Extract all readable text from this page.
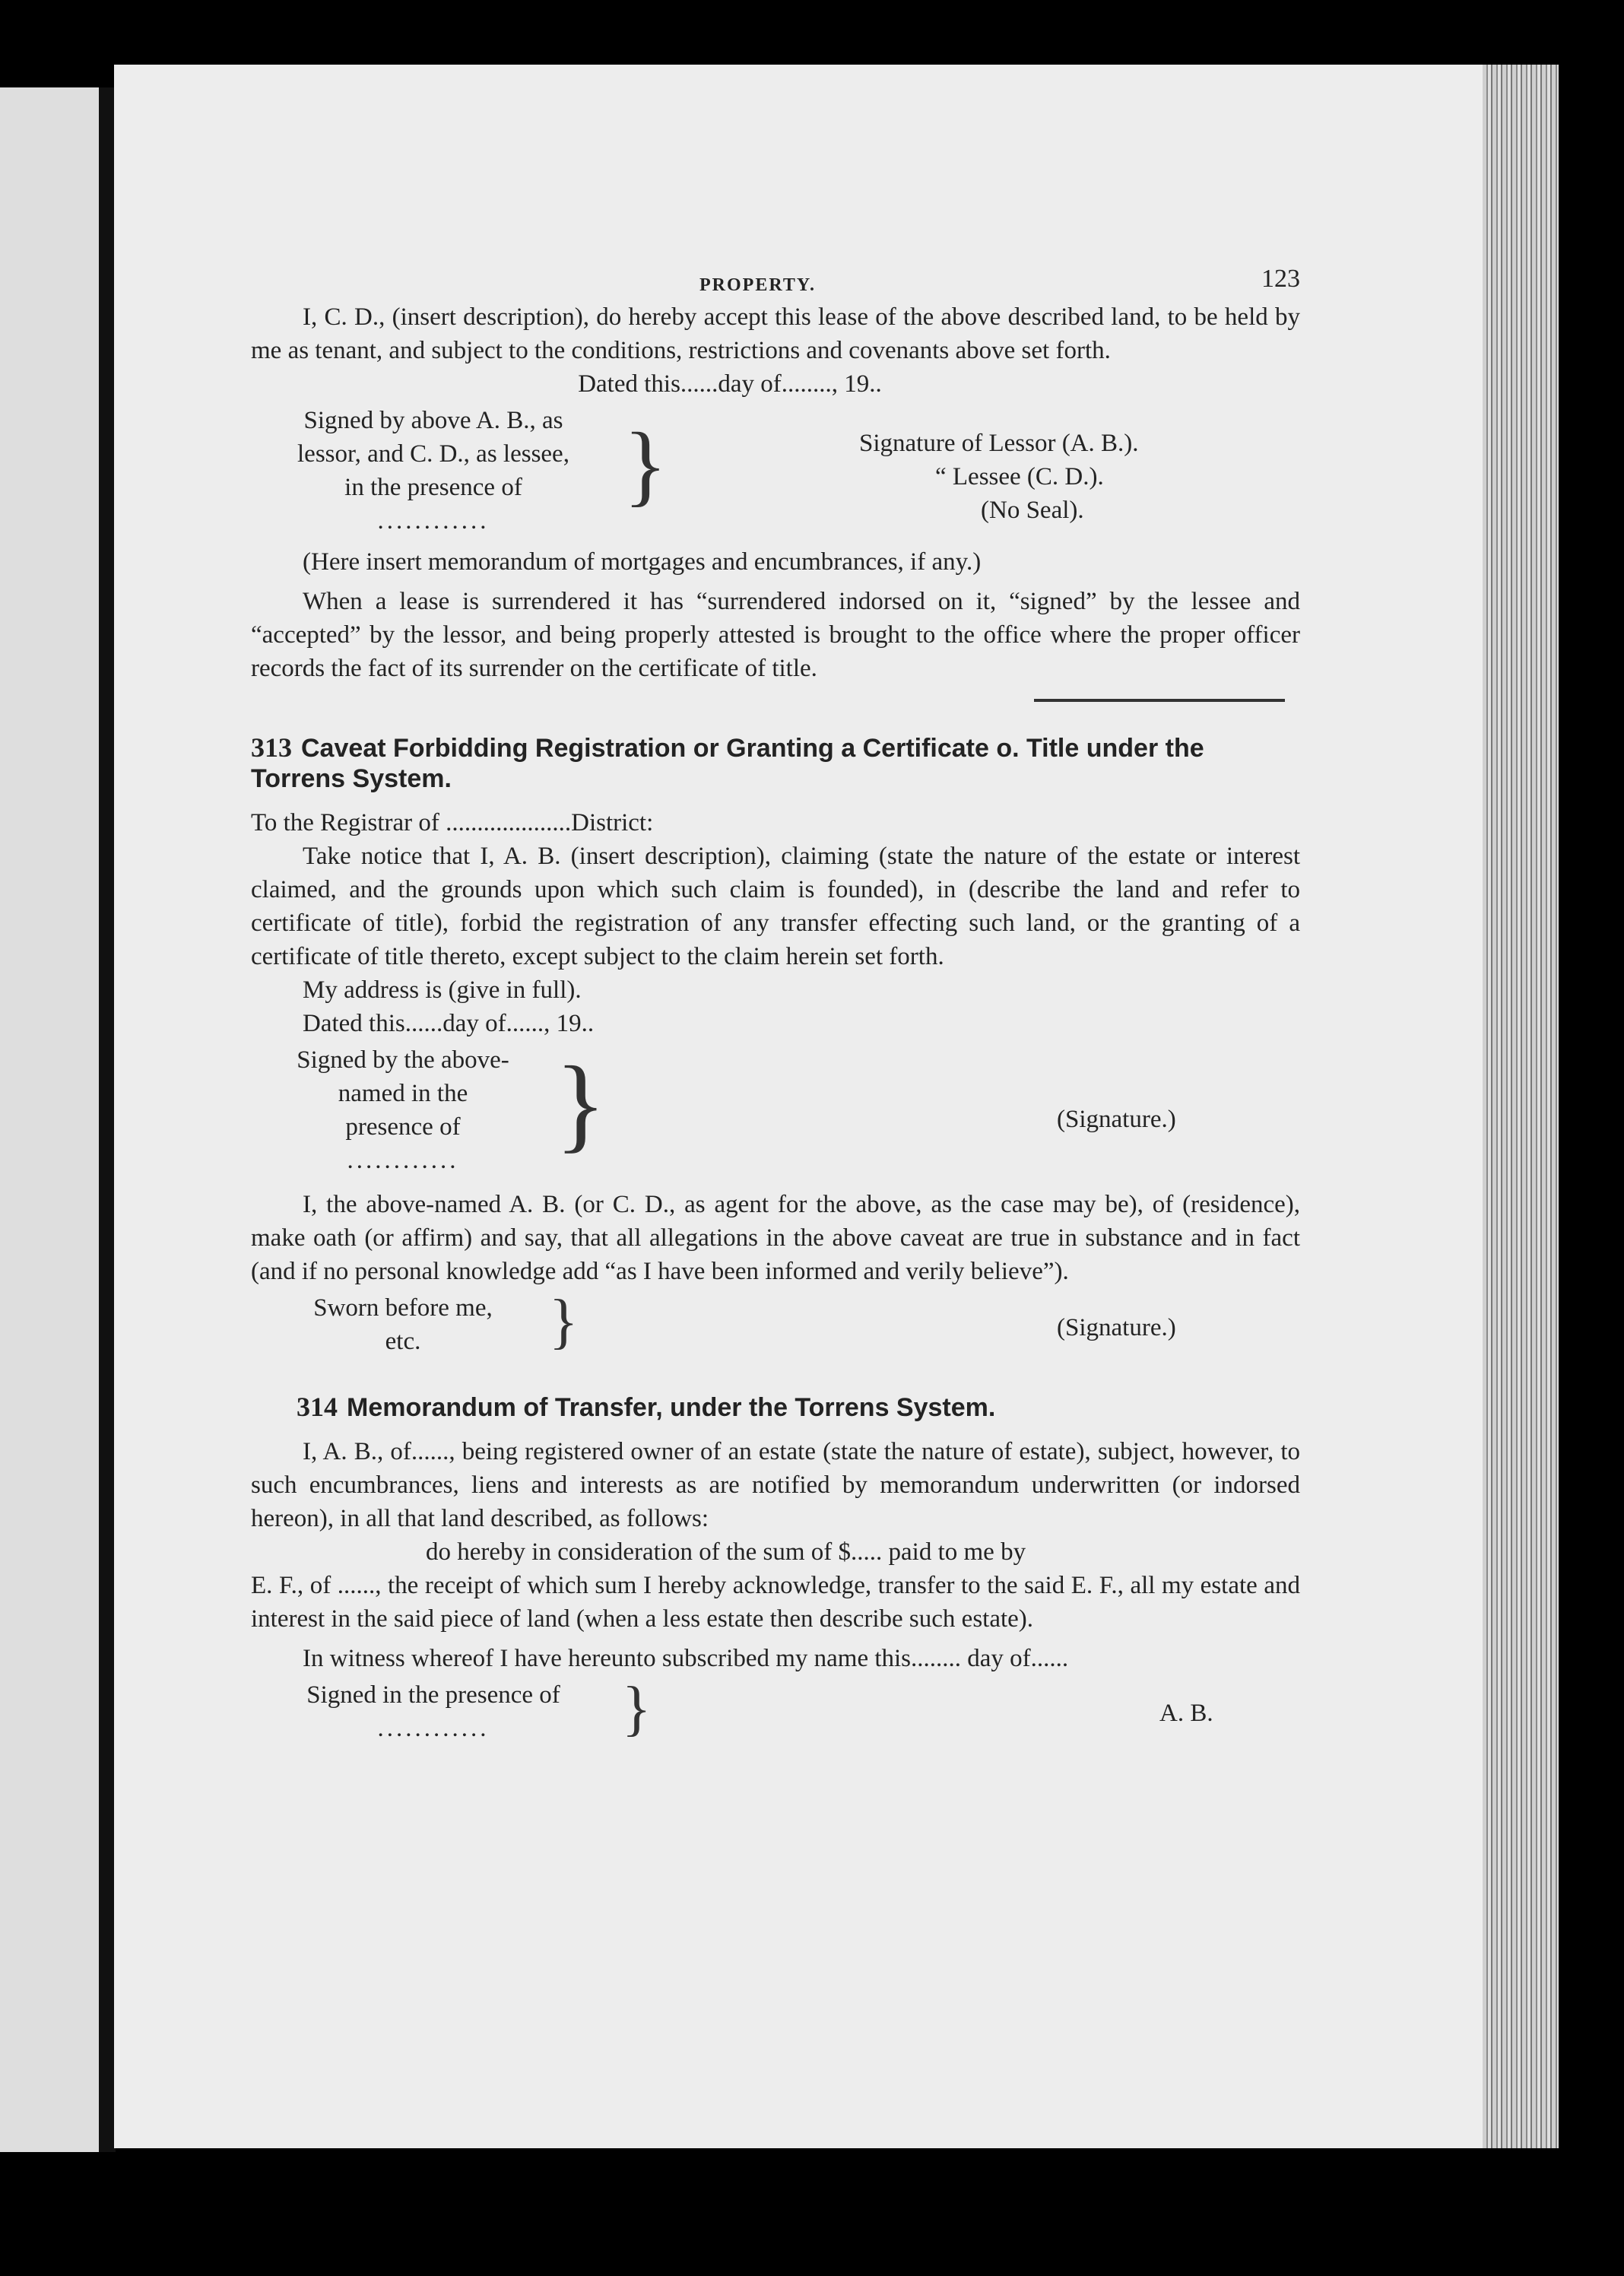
PROPERTY.	123

I, C. D., (insert description), do hereby accept this lease of the above described land, to be held by me as tenant, and subject to the conditions, restrictions and covenants above set forth.

Dated this......day of........, 19..

Signed by above A. B., as
lessor, and C. D., as lessee,
in the presence of
............
}	Signature of Lessor (A. B.).
“ Lessee (C. D.).
(No Seal).

(Here insert memorandum of mortgages and encumbrances, if any.)

When a lease is surrendered it has “surrendered indorsed on it, “signed” by the lessee and “accepted” by the lessor, and being properly attested is brought to the office where the proper officer records the fact of its surrender on the certificate of title.

313 Caveat Forbidding Registration or Granting a Certificate o. Title under the Torrens System.

To the Registrar of ....................District:

Take notice that I, A. B. (insert description), claiming (state the nature of the estate or interest claimed, and the grounds upon which such claim is founded), in (describe the land and refer to certificate of title), forbid the registration of any transfer effecting such land, or the granting of a certificate of title thereto, except subject to the claim herein set forth.

My address is (give in full).

Dated this......day of......, 19..

Signed by the above-
named in the
presence of
............ }	(Signature.)

I, the above-named A. B. (or C. D., as agent for the above, as the case may be), of (residence), make oath (or affirm) and say, that all allegations in the above caveat are true in substance and in fact (and if no personal knowledge add “as I have been informed and verily believe”).

Sworn before me,
etc.	}	(Signature.)
314 Memorandum of Transfer, under the Torrens System.

I, A. B., of......, being registered owner of an estate (state the nature of estate), subject, however, to such encumbrances, liens and interests as are notified by memorandum underwritten (or indorsed hereon), in all that land described, as follows:

do hereby in consideration of the sum of $..... paid to me by

E. F., of ......, the receipt of which sum I hereby acknowledge, transfer to the said E. F., all my estate and interest in the said piece of land (when a less estate then describe such estate).

In witness whereof I have hereunto subscribed my name this........ day of......

Signed in the presence of
............	}	A. B.
